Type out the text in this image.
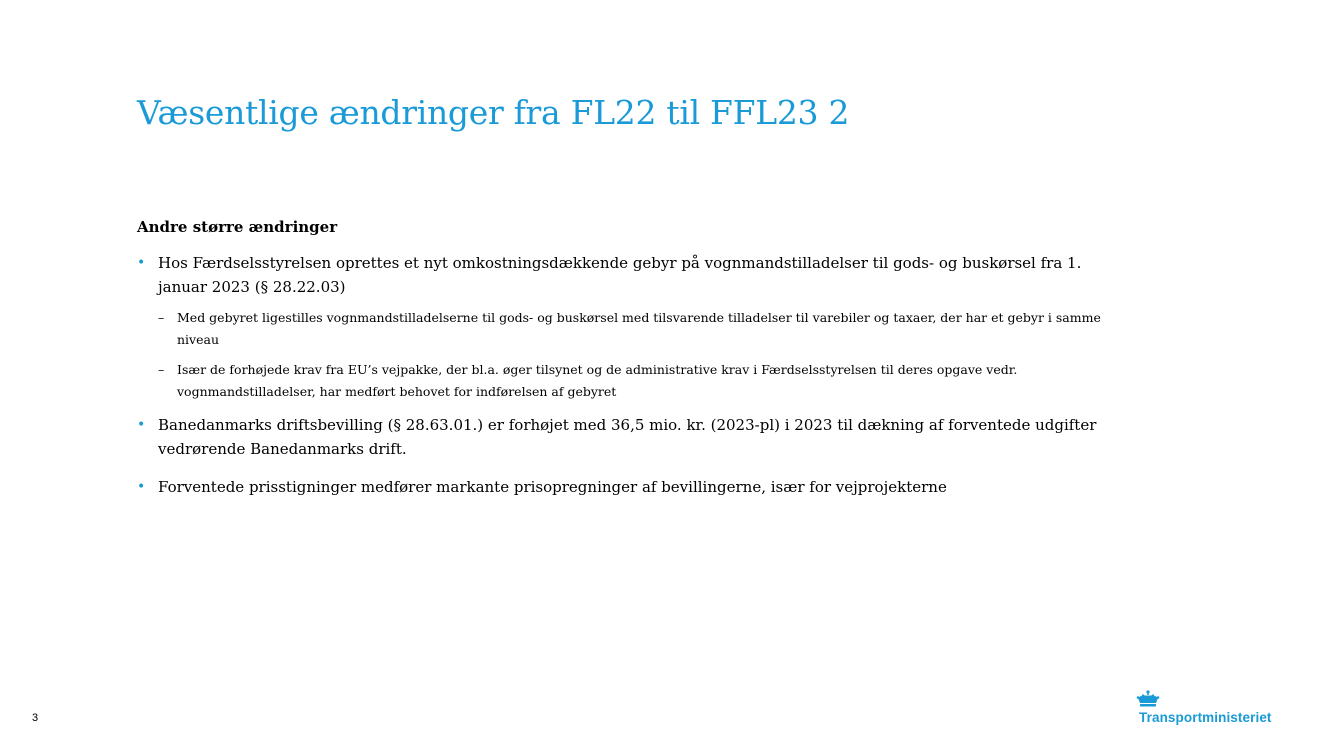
Væsentlige ændringer fra FL22 til FFL23 2

Andre større ændringer

• Hos Færdselsstyrelsen oprettes et nyt omkostningsdækkende gebyr på vognmandstilladelser til gods- og buskørsel fra 1. januar 2023 (§ 28.22.03)
– Med gebyret ligestilles vognmandstilladelserne til gods- og buskørsel med tilsvarende tilladelser til varebiler og taxaer, der har et gebyr i samme niveau
– Især de forhøjede krav fra EU’s vejpakke, der bl.a. øger tilsynet og de administrative krav i Færdselsstyrelsen til deres opgave vedr. vognmandstilladelser, har medført behovet for indførelsen af gebyret
• Banedanmarks driftsbevilling (§ 28.63.01.) er forhøjet med 36,5 mio. kr. (2023-pl) i 2023 til dækning af forventede udgifter vedrørende Banedanmarks drift.
• Forventede prisstigninger medfører markante prisopregninger af bevillingerne, især for vejprojekterne
3	Transportministeriet
